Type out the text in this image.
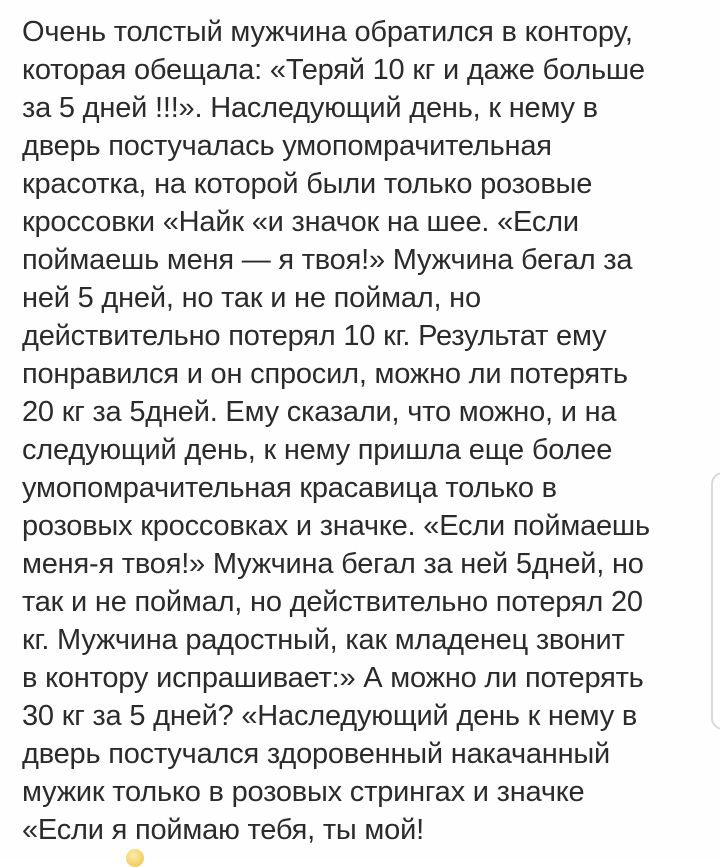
Очень толстый мужчина обратился в контору,
которая обещала: «Теряй 10 кг и даже больше
за 5 дней !!!». Наследующий день, к нему в
дверь постучалась умопомрачительная
красотка, на которой были только розовые
кроссовки «Найк «и значок на шее. «Если
поймаешь меня — я твоя!» Мужчина бегал за
ней 5 дней, но так и не поймал, но
действительно потерял 10 кг. Результат ему
понравился и он спросил, можно ли потерять
20 кг за 5дней. Ему сказали, что можно, и на
следующий день, к нему пришла еще более
умопомрачительная красавица только в
розовых кроссовках и значке. «Если поймаешь
меня-я твоя!» Мужчина бегал за ней 5дней, но
так и не поймал, но действительно потерял 20
кг. Мужчина радостный, как младенец звонит
в контору испрашивает:» А можно ли потерять
30 кг за 5 дней? «Наследующий день к нему в
дверь постучался здоровенный накачанный
мужик только в розовых стрингах и значке
«Если я поймаю тебя, ты мой!
